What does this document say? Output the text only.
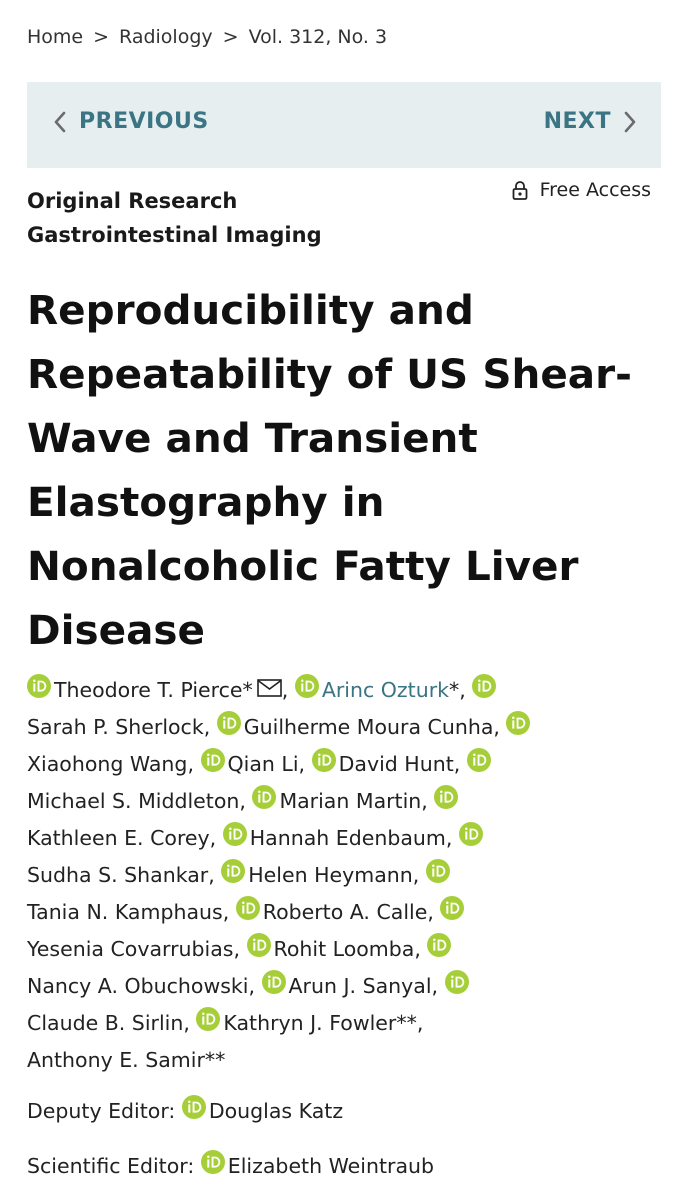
Home > Radiology > Vol. 312, No. 3
PREVIOUS	NEXT
Original Research
Gastrointestinal Imaging
Free Access
Reproducibility and Repeatability of US Shear-Wave and Transient Elastography in Nonalcoholic Fatty Liver Disease
Theodore T. Pierce* , Arinc Ozturk*,

Sarah P. Sherlock, Guilherme Moura Cunha,

Xiaohong Wang, Qian Li, David Hunt,

Michael S. Middleton, Marian Martin,

Kathleen E. Corey, Hannah Edenbaum,

Sudha S. Shankar, Helen Heymann,

Tania N. Kamphaus, Roberto A. Calle,

Yesenia Covarrubias, Rohit Loomba,

Nancy A. Obuchowski, Arun J. Sanyal,

Claude B. Sirlin, Kathryn J. Fowler**,
Anthony E. Samir**
Deputy Editor: Douglas Katz
Scientific Editor: Elizabeth Weintraub
